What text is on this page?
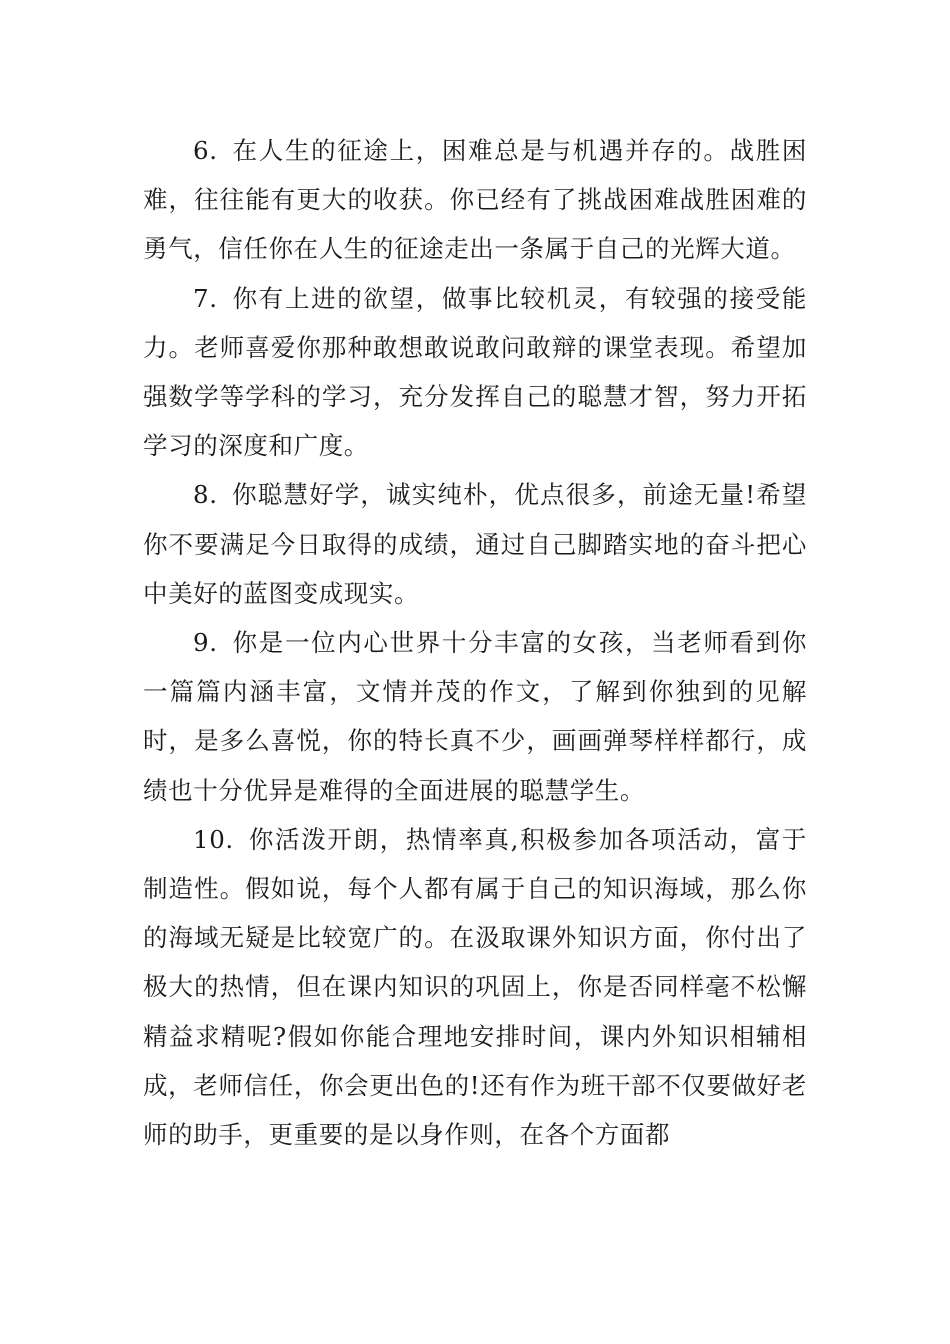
6. 在人生的征途上，困难总是与机遇并存的。战胜困难，往往能有更大的收获。你已经有了挑战困难战胜困难的勇气，信任你在人生的征途走出一条属于自己的光辉大道。

7. 你有上进的欲望，做事比较机灵，有较强的接受能力。老师喜爱你那种敢想敢说敢问敢辩的课堂表现。希望加强数学等学科的学习，充分发挥自己的聪慧才智，努力开拓学习的深度和广度。

8. 你聪慧好学，诚实纯朴，优点很多，前途无量!希望你不要满足今日取得的成绩，通过自己脚踏实地的奋斗把心中美好的蓝图变成现实。

9. 你是一位内心世界十分丰富的女孩，当老师看到你一篇篇内涵丰富，文情并茂的作文，了解到你独到的见解时，是多么喜悦，你的特长真不少，画画弹琴样样都行，成绩也十分优异是难得的全面进展的聪慧学生。

10. 你活泼开朗，热情率真,积极参加各项活动，富于制造性。假如说，每个人都有属于自己的知识海域，那么你的海域无疑是比较宽广的。在汲取课外知识方面，你付出了极大的热情，但在课内知识的巩固上，你是否同样毫不松懈精益求精呢?假如你能合理地安排时间，课内外知识相辅相成，老师信任，你会更出色的!还有作为班干部不仅要做好老师的助手，更重要的是以身作则，在各个方面都
